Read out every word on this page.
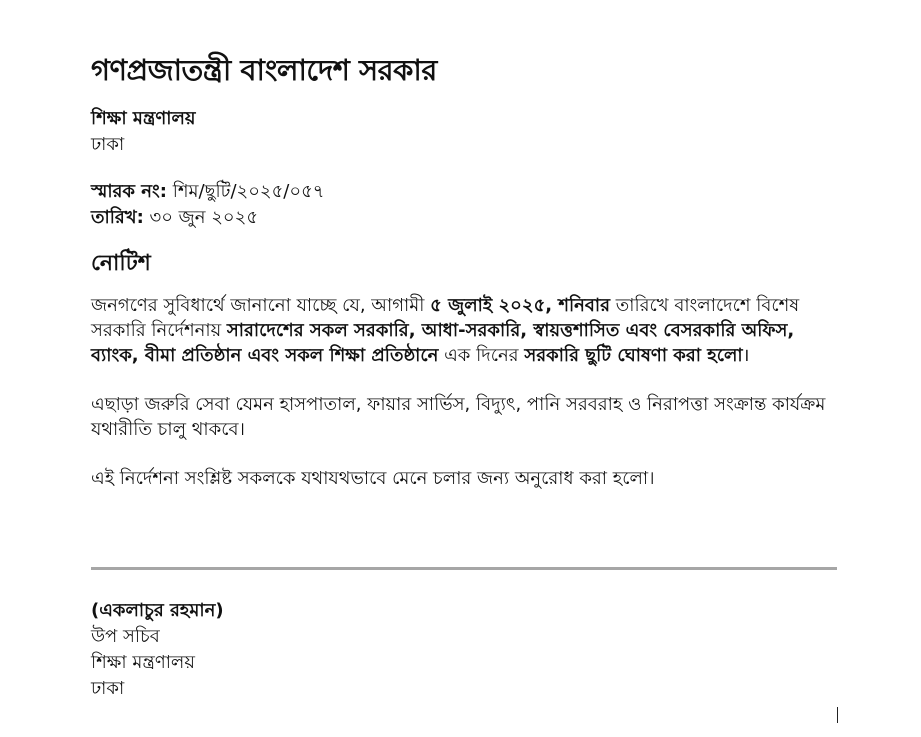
গণপ্রজাতন্ত্রী বাংলাদেশ সরকার
শিক্ষা মন্ত্রণালয়
ঢাকা
স্মারক নং: শিম/ছুটি/২০২৫/০৫৭
তারিখ: ৩০ জুন ২০২৫
নোটিশ

জনগণের সুবিধার্থে জানানো যাচ্ছে যে, আগামী ৫ জুলাই ২০২৫, শনিবার তারিখে বাংলাদেশে বিশেষ সরকারি নির্দেশনায় সারাদেশের সকল সরকারি, আধা-সরকারি, স্বায়ত্তশাসিত এবং বেসরকারি অফিস, ব্যাংক, বীমা প্রতিষ্ঠান এবং সকল শিক্ষা প্রতিষ্ঠানে এক দিনের সরকারি ছুটি ঘোষণা করা হলো।

এছাড়া জরুরি সেবা যেমন হাসপাতাল, ফায়ার সার্ভিস, বিদ্যুৎ, পানি সরবরাহ ও নিরাপত্তা সংক্রান্ত কার্যক্রম যথারীতি চালু থাকবে।

এই নির্দেশনা সংশ্লিষ্ট সকলকে যথাযথভাবে মেনে চলার জন্য অনুরোধ করা হলো।

(একলাচুর রহমান)
উপ সচিব
শিক্ষা মন্ত্রণালয়
ঢাকা
